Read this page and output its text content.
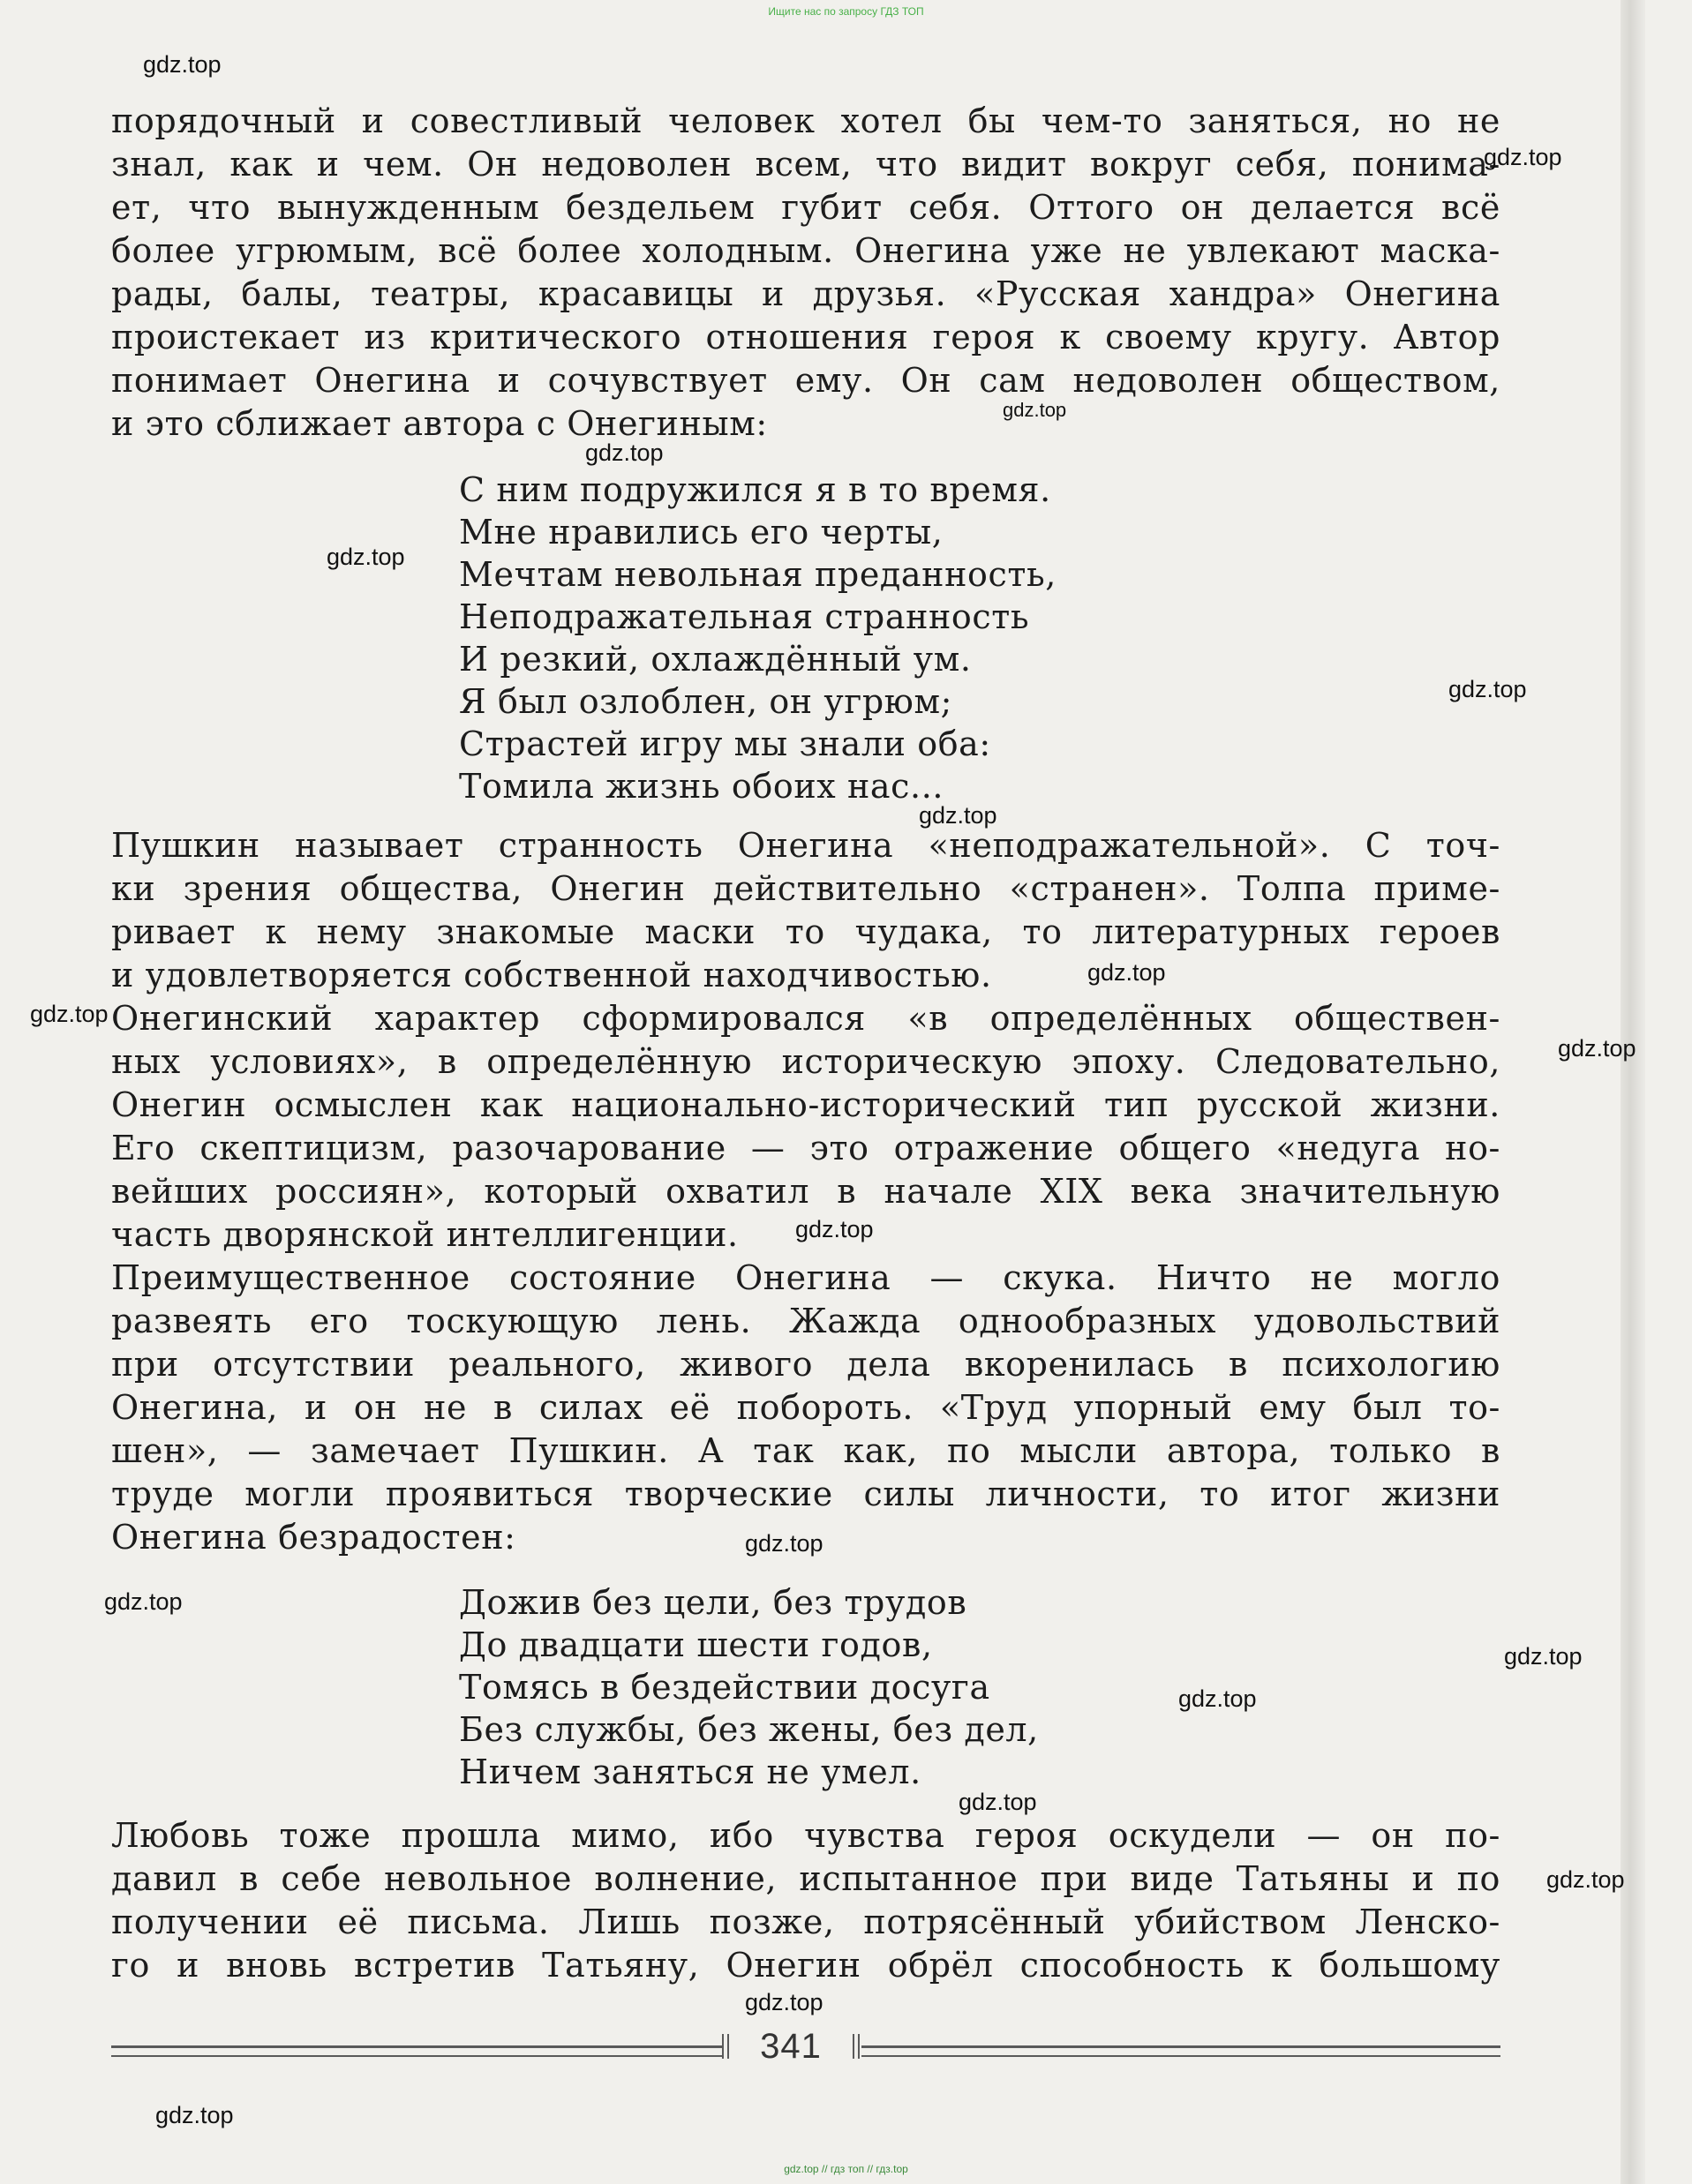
Ищите нас по запросу ГДЗ ТОП
порядочный и совестливый человек хотел бы чем-то заняться, но не
знал, как и чем. Он недоволен всем, что видит вокруг себя, понима-
ет, что вынужденным бездельем губит себя. Оттого он делается всё
более угрюмым, всё более холодным. Онегина уже не увлекают маска-
рады, балы, театры, красавицы и друзья. «Русская хандра» Онегина
проистекает из критического отношения героя к своему кругу. Автор
понимает Онегина и сочувствует ему. Он сам недоволен обществом,
и это сближает автора с Онегиным:
С ним подружился я в то время.
Мне нравились его черты,
Мечтам невольная преданность,
Неподражательная странность
И резкий, охлаждённый ум.
Я был озлоблен, он угрюм;
Страстей игру мы знали оба:
Томила жизнь обоих нас...
Пушкин называет странность Онегина «неподражательной». С точ-
ки зрения общества, Онегин действительно «странен». Толпа приме-
ривает к нему знакомые маски то чудака, то литературных героев
и удовлетворяется собственной находчивостью.
Онегинский характер сформировался «в определённых обществен-
ных условиях», в определённую историческую эпоху. Следовательно,
Онегин осмыслен как национально-исторический тип русской жизни.
Его скептицизм, разочарование — это отражение общего «недуга но-
вейших россиян», который охватил в начале XIX века значительную
часть дворянской интеллигенции.
Преимущественное состояние Онегина — скука. Ничто не могло
развеять его тоскующую лень. Жажда однообразных удовольствий
при отсутствии реального, живого дела вкоренилась в психологию
Онегина, и он не в силах её побороть. «Труд упорный ему был то-
шен», — замечает Пушкин. А так как, по мысли автора, только в
труде могли проявиться творческие силы личности, то итог жизни
Онегина безрадостен:
Дожив без цели, без трудов
До двадцати шести годов,
Томясь в бездействии досуга
Без службы, без жены, без дел,
Ничем заняться не умел.
Любовь тоже прошла мимо, ибо чувства героя оскудели — он по-
давил в себе невольное волнение, испытанное при виде Татьяны и по
получении её письма. Лишь позже, потрясённый убийством Ленско-
го и вновь встретив Татьяну, Онегин обрёл способность к большому
341
gdz.top // гдз топ // гдз.top
gdz.top
gdz.top
gdz.top
gdz.top
gdz.top
gdz.top
gdz.top
gdz.top
gdz.top
gdz.top
gdz.top
gdz.top
gdz.top
gdz.top
gdz.top
gdz.top
gdz.top
gdz.top
gdz.top
